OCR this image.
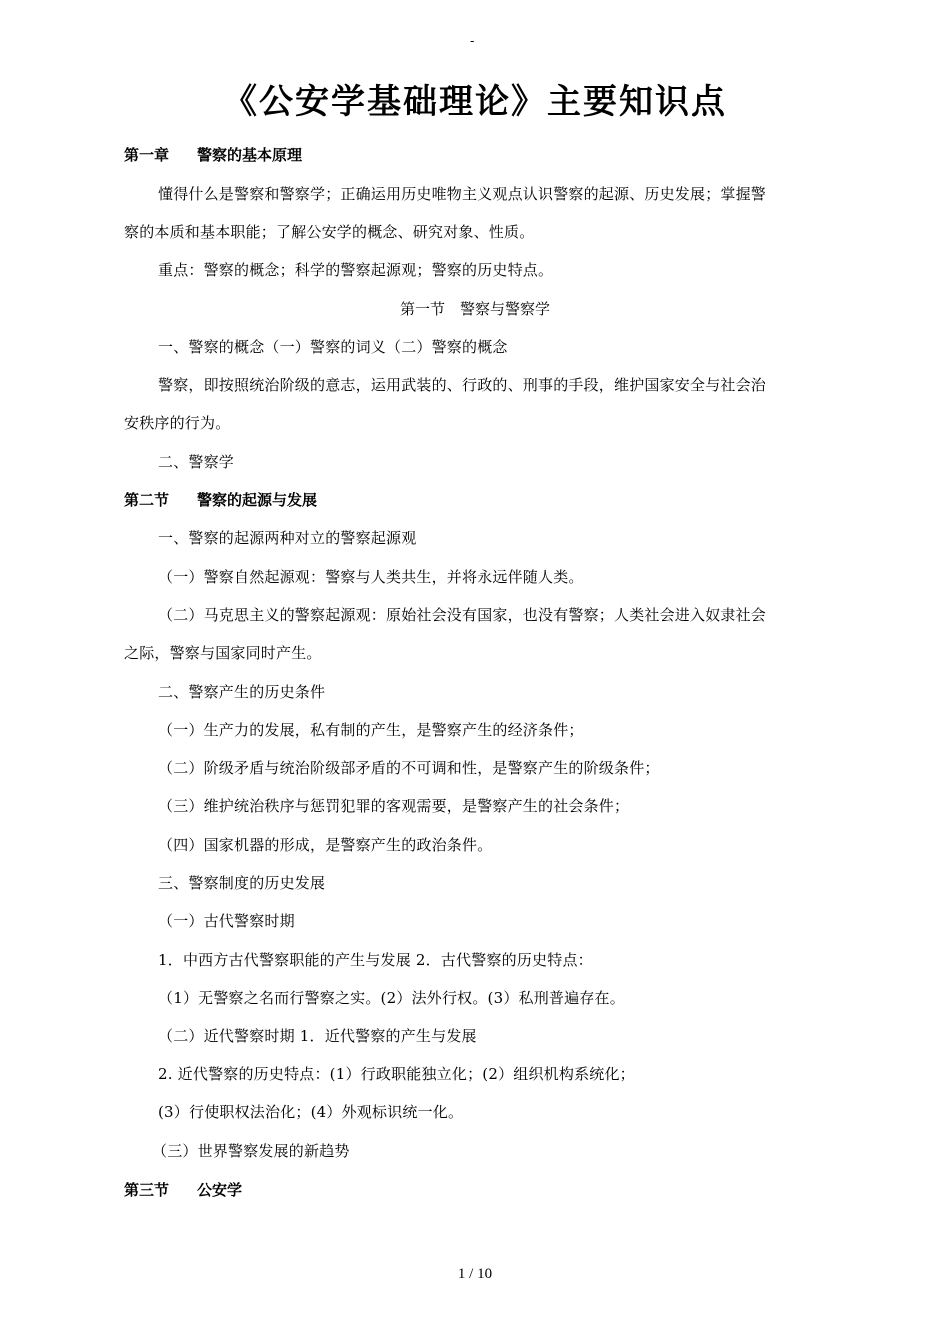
-
《公安学基础理论》主要知识点
第一章 警察的基本原理
懂得什么是警察和警察学；正确运用历史唯物主义观点认识警察的起源、历史发展；掌握警
察的本质和基本职能；了解公安学的概念、研究对象、性质。
重点：警察的概念；科学的警察起源观；警察的历史特点。
第一节　警察与警察学
一、警察的概念（一）警察的词义（二）警察的概念
警察，即按照统治阶级的意志，运用武装的、行政的、刑事的手段，维护国家安全与社会治
安秩序的行为。
二、警察学
第二节 警察的起源与发展
一、警察的起源两种对立的警察起源观
（一）警察自然起源观：警察与人类共生，并将永远伴随人类。
（二）马克思主义的警察起源观：原始社会没有国家，也没有警察；人类社会进入奴隶社会
之际，警察与国家同时产生。
二、警察产生的历史条件
（一）生产力的发展，私有制的产生，是警察产生的经济条件；
（二）阶级矛盾与统治阶级部矛盾的不可调和性，是警察产生的阶级条件；
（三）维护统治秩序与惩罚犯罪的客观需要，是警察产生的社会条件；
（四）国家机器的形成，是警察产生的政治条件。
三、警察制度的历史发展
（一）古代警察时期
1．中西方古代警察职能的产生与发展 2．古代警察的历史特点：
（1）无警察之名而行警察之实。(2）法外行权。(3）私刑普遍存在。
（二）近代警察时期 1．近代警察的产生与发展
2. 近代警察的历史特点：(1）行政职能独立化；(2）组织机构系统化；
(3）行使职权法治化；(4）外观标识统一化。
（三）世界警察发展的新趋势
第三节 公安学
1 / 10
